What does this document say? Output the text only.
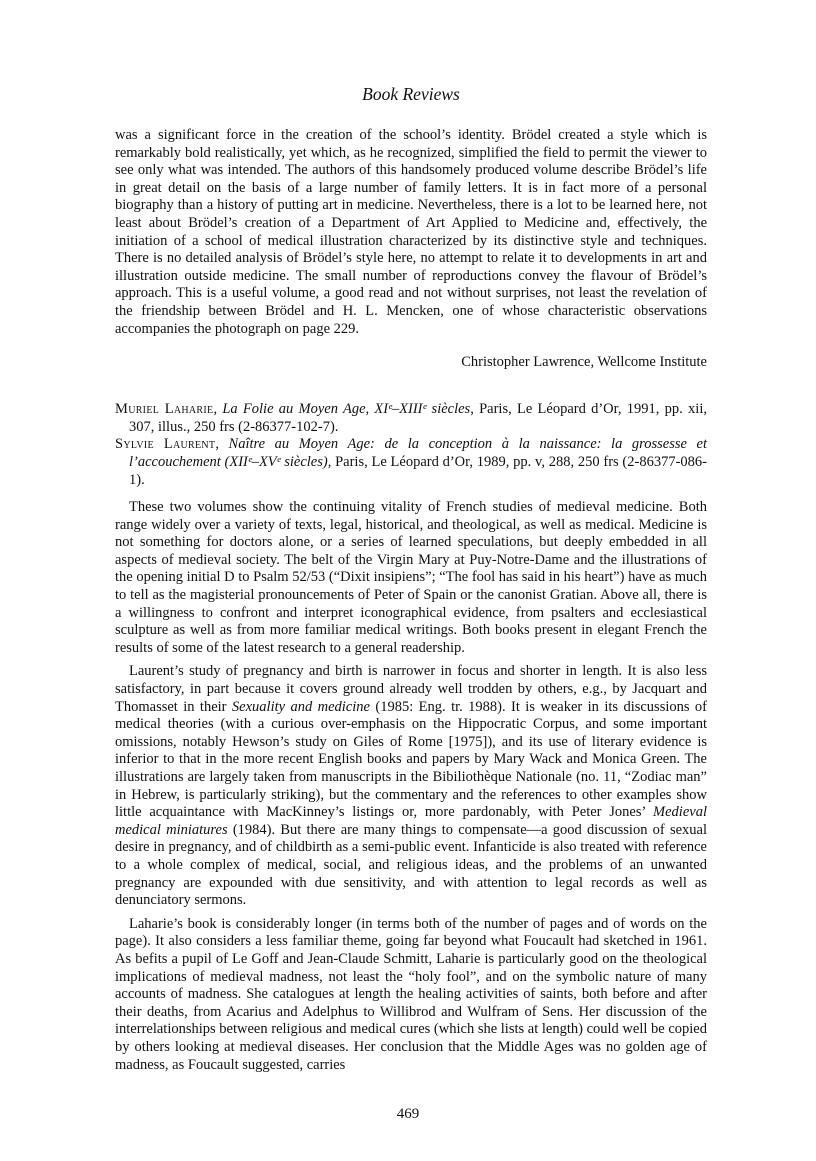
Book Reviews

was a significant force in the creation of the school’s identity. Brödel created a style which is remarkably bold realistically, yet which, as he recognized, simplified the field to permit the viewer to see only what was intended. The authors of this handsomely produced volume describe Brödel’s life in great detail on the basis of a large number of family letters. It is in fact more of a personal biography than a history of putting art in medicine. Nevertheless, there is a lot to be learned here, not least about Brödel’s creation of a Department of Art Applied to Medicine and, effectively, the initiation of a school of medical illustration characterized by its distinctive style and techniques. There is no detailed analysis of Brödel’s style here, no attempt to relate it to developments in art and illustration outside medicine. The small number of reproductions convey the flavour of Brödel’s approach. This is a useful volume, a good read and not without surprises, not least the revelation of the friendship between Brödel and H. L. Mencken, one of whose characteristic observations accompanies the photograph on page 229.

Christopher Lawrence, Wellcome Institute
Muriel Laharie, La Folie au Moyen Age, XIᵉ–XIIIᵉ siècles, Paris, Le Léopard d’Or, 1991, pp. xii, 307, illus., 250 frs (2-86377-102-7).
Sylvie Laurent, Naître au Moyen Age: de la conception à la naissance: la grossesse et l’accouchement (XIIᵉ–XVᵉ siècles), Paris, Le Léopard d’Or, 1989, pp. v, 288, 250 frs (2-86377-086-1).

These two volumes show the continuing vitality of French studies of medieval medicine. Both range widely over a variety of texts, legal, historical, and theological, as well as medical. Medicine is not something for doctors alone, or a series of learned speculations, but deeply embedded in all aspects of medieval society. The belt of the Virgin Mary at Puy-Notre-Dame and the illustrations of the opening initial D to Psalm 52/53 (“Dixit insipiens”; “The fool has said in his heart”) have as much to tell as the magisterial pronouncements of Peter of Spain or the canonist Gratian. Above all, there is a willingness to confront and interpret iconographical evidence, from psalters and ecclesiastical sculpture as well as from more familiar medical writings. Both books present in elegant French the results of some of the latest research to a general readership.

Laurent’s study of pregnancy and birth is narrower in focus and shorter in length. It is also less satisfactory, in part because it covers ground already well trodden by others, e.g., by Jacquart and Thomasset in their Sexuality and medicine (1985: Eng. tr. 1988). It is weaker in its discussions of medical theories (with a curious over-emphasis on the Hippocratic Corpus, and some important omissions, notably Hewson’s study on Giles of Rome [1975]), and its use of literary evidence is inferior to that in the more recent English books and papers by Mary Wack and Monica Green. The illustrations are largely taken from manuscripts in the Bibiliothèque Nationale (no. 11, “Zodiac man” in Hebrew, is particularly striking), but the commentary and the references to other examples show little acquaintance with MacKinney’s listings or, more pardonably, with Peter Jones’ Medieval medical miniatures (1984). But there are many things to compensate—a good discussion of sexual desire in pregnancy, and of childbirth as a semi-public event. Infanticide is also treated with reference to a whole complex of medical, social, and religious ideas, and the problems of an unwanted pregnancy are expounded with due sensitivity, and with attention to legal records as well as denunciatory sermons.

Laharie’s book is considerably longer (in terms both of the number of pages and of words on the page). It also considers a less familiar theme, going far beyond what Foucault had sketched in 1961. As befits a pupil of Le Goff and Jean-Claude Schmitt, Laharie is particularly good on the theological implications of medieval madness, not least the “holy fool”, and on the symbolic nature of many accounts of madness. She catalogues at length the healing activities of saints, both before and after their deaths, from Acarius and Adelphus to Willibrod and Wulfram of Sens. Her discussion of the interrelationships between religious and medical cures (which she lists at length) could well be copied by others looking at medieval diseases. Her conclusion that the Middle Ages was no golden age of madness, as Foucault suggested, carries

469
